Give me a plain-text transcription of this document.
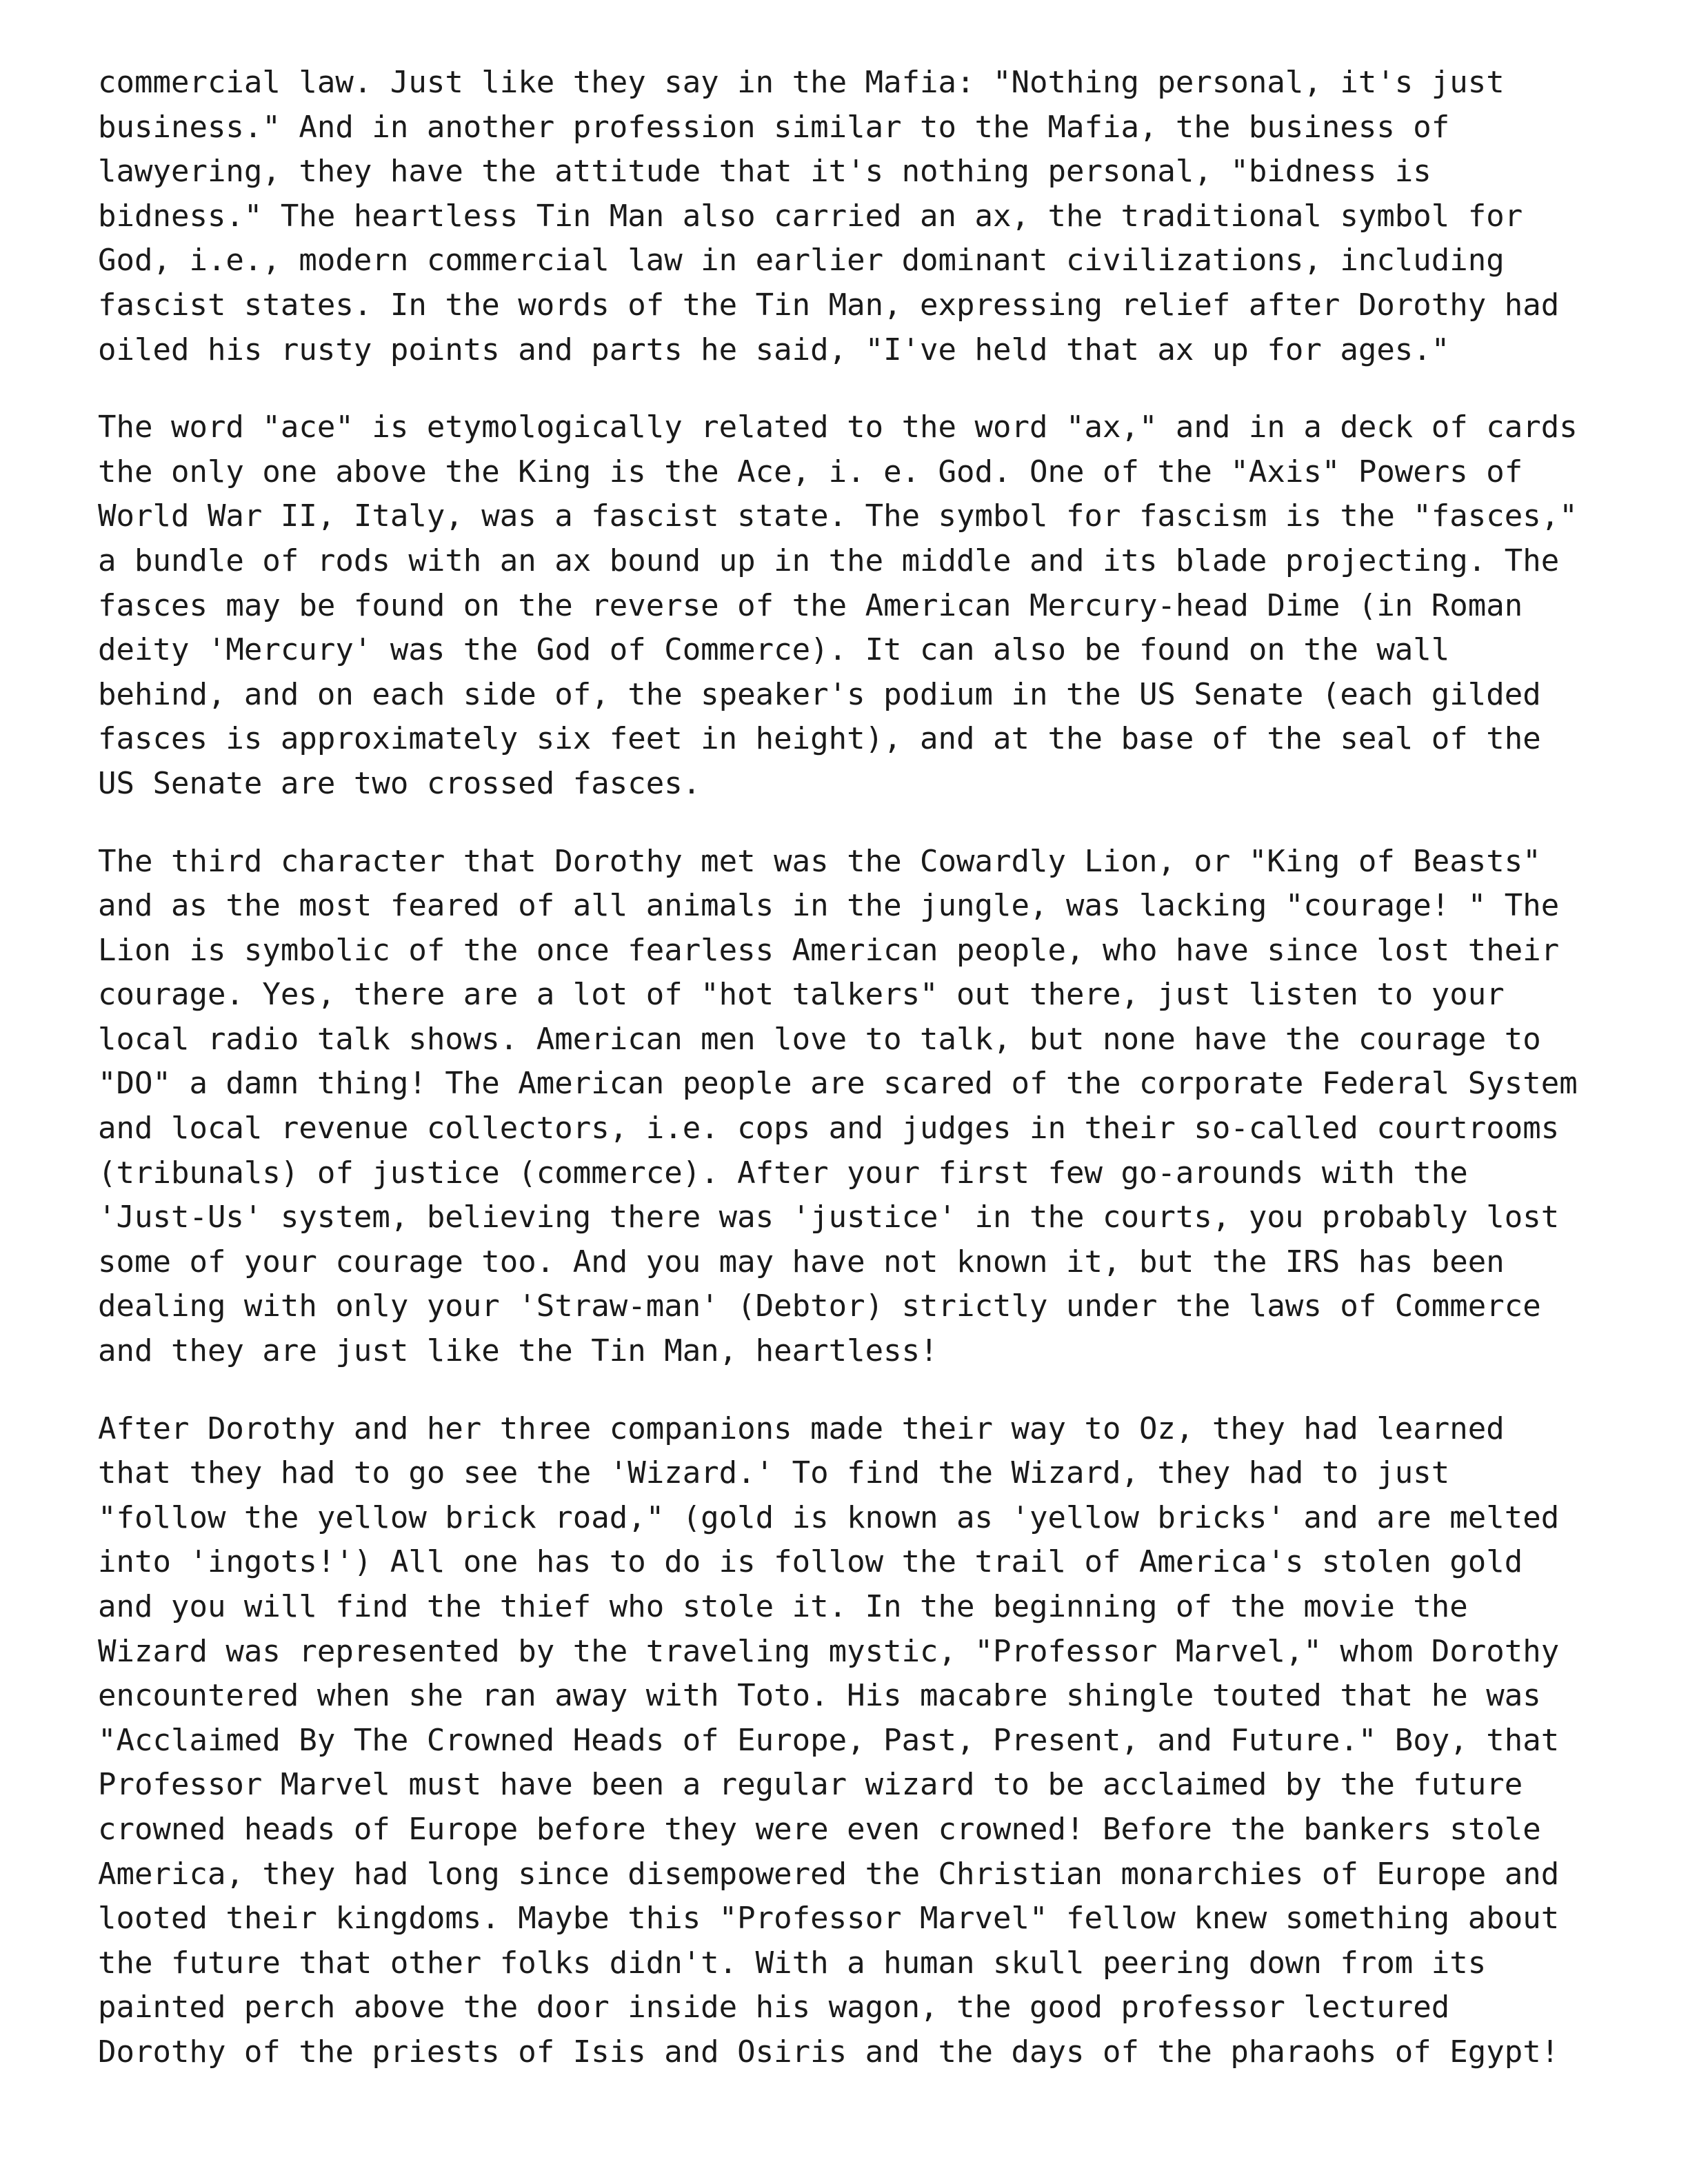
commercial law. Just like they say in the Mafia: "Nothing personal, it's just
business." And in another profession similar to the Mafia, the business of
lawyering, they have the attitude that it's nothing personal, "bidness is
bidness." The heartless Tin Man also carried an ax, the traditional symbol for
God, i.e., modern commercial law in earlier dominant civilizations, including
fascist states. In the words of the Tin Man, expressing relief after Dorothy had
oiled his rusty points and parts he said, "I've held that ax up for ages."
The word "ace" is etymologically related to the word "ax," and in a deck of cards
the only one above the King is the Ace, i. e. God. One of the "Axis" Powers of
World War II, Italy, was a fascist state. The symbol for fascism is the "fasces,"
a bundle of rods with an ax bound up in the middle and its blade projecting. The
fasces may be found on the reverse of the American Mercury-head Dime (in Roman
deity 'Mercury' was the God of Commerce). It can also be found on the wall
behind, and on each side of, the speaker's podium in the US Senate (each gilded
fasces is approximately six feet in height), and at the base of the seal of the
US Senate are two crossed fasces.
The third character that Dorothy met was the Cowardly Lion, or "King of Beasts"
and as the most feared of all animals in the jungle, was lacking "courage! " The
Lion is symbolic of the once fearless American people, who have since lost their
courage. Yes, there are a lot of "hot talkers" out there, just listen to your
local radio talk shows. American men love to talk, but none have the courage to
"DO" a damn thing! The American people are scared of the corporate Federal System
and local revenue collectors, i.e. cops and judges in their so-called courtrooms
(tribunals) of justice (commerce). After your first few go-arounds with the
'Just-Us' system, believing there was 'justice' in the courts, you probably lost
some of your courage too. And you may have not known it, but the IRS has been
dealing with only your 'Straw-man' (Debtor) strictly under the laws of Commerce
and they are just like the Tin Man, heartless!
After Dorothy and her three companions made their way to Oz, they had learned
that they had to go see the 'Wizard.' To find the Wizard, they had to just
"follow the yellow brick road," (gold is known as 'yellow bricks' and are melted
into 'ingots!') All one has to do is follow the trail of America's stolen gold
and you will find the thief who stole it. In the beginning of the movie the
Wizard was represented by the traveling mystic, "Professor Marvel," whom Dorothy
encountered when she ran away with Toto. His macabre shingle touted that he was
"Acclaimed By The Crowned Heads of Europe, Past, Present, and Future." Boy, that
Professor Marvel must have been a regular wizard to be acclaimed by the future
crowned heads of Europe before they were even crowned! Before the bankers stole
America, they had long since disempowered the Christian monarchies of Europe and
looted their kingdoms. Maybe this "Professor Marvel" fellow knew something about
the future that other folks didn't. With a human skull peering down from its
painted perch above the door inside his wagon, the good professor lectured
Dorothy of the priests of Isis and Osiris and the days of the pharaohs of Egypt!
